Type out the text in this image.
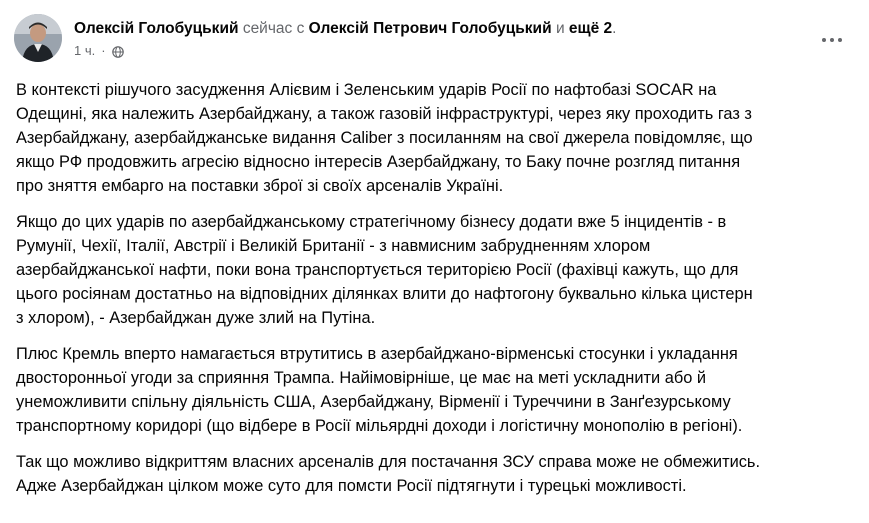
Олексій Голобуцький сейчас с Олексій Петрович Голобуцький и ещё 2.
1 ч. ·

В контексті рішучого засудження Алієвим і Зеленським ударів Росії по нафтобазі SOCAR на
Одещині, яка належить Азербайджану, а також газовій інфраструктурі, через яку проходить газ з
Азербайджану, азербайджанське видання Caliber з посиланням на свої джерела повідомляє, що
якщо РФ продовжить агресію відносно інтересів Азербайджану, то Баку почне розгляд питання
про зняття ембарго на поставки зброї зі своїх арсеналів Україні.

Якщо до цих ударів по азербайджанському стратегічному бізнесу додати вже 5 інцидентів - в
Румунії, Чехії, Італії, Австрії і Великій Британії - з навмисним забрудненням хлором
азербайджанської нафти, поки вона транспортується територією Росії (фахівці кажуть, що для
цього росіянам достатньо на відповідних ділянках влити до нафтогону буквально кілька цистерн
з хлором), - Азербайджан дуже злий на Путіна.

Плюс Кремль вперто намагається втрутитись в азербайджано-вірменські стосунки і укладання
двосторонньої угоди за сприяння Трампа. Найімовірніше, це має на меті ускладнити або й
унеможливити спільну діяльність США, Азербайджану, Вірменії і Туреччини в Занґезурському
транспортному коридорі (що відбере в Росії мільярдні доходи і логістичну монополію в регіоні).

Так що можливо відкриттям власних арсеналів для постачання ЗСУ справа може не обмежитись.
Адже Азербайджан цілком може суто для помсти Росії підтягнути і турецькі можливості.
